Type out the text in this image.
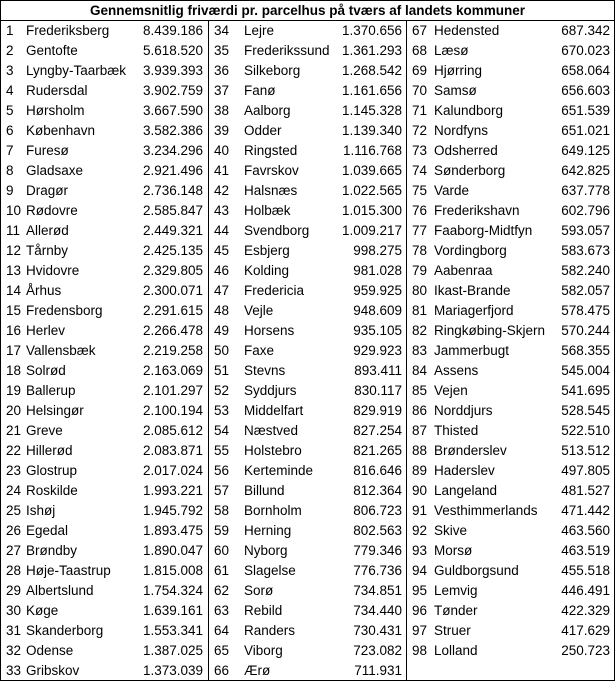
Gennemsnitlig friværdi pr. parcelhus på tværs af landets kommuner
1 Frederiksberg 8.439.186
2 Gentofte	5.618.520
3 Lyngby-Taarbæk 3.939.393
4 Rudersdal	3.902.759
5 Hørsholm	3.667.590
6 København	3.582.386
7 Furesø	3.234.296
8 Gladsaxe	2.921.496
9 Dragør	2.736.148
10 Rødovre	2.585.847
11 Allerød	2.449.321
12 Tårnby	2.425.135
13 Hvidovre	2.329.805
14 Århus	2.300.071
15 Fredensborg	2.291.615
16 Herlev	2.266.478
17 Vallensbæk	2.219.258
18 Solrød	2.163.069
19 Ballerup	2.101.297
20 Helsingør	2.100.194
21 Greve	2.085.612
22 Hillerød	2.083.871
23 Glostrup	2.017.024
24 Roskilde	1.993.221
25 Ishøj	1.945.792
26 Egedal	1.893.475
27 Brøndby	1.890.047
28 Høje-Taastrup 1.815.008
29 Albertslund	1.754.324
30 Køge	1.639.161
31 Skanderborg	1.553.341
32 Odense	1.387.025
33 Gribskov	1.373.039
34 Lejre	1.370.656
35 Frederikssund 1.361.293
36 Silkeborg	1.268.542
37 Fanø	1.161.656
38 Aalborg	1.145.328
39 Odder	1.139.340
40 Ringsted	1.116.768
41 Favrskov	1.039.665
42 Halsnæs	1.022.565
43 Holbæk	1.015.300
44 Svendborg 1.009.217
45 Esbjerg	998.275
46 Kolding	981.028
47 Fredericia	959.925
48 Vejle	948.609
49 Horsens	935.105
50 Faxe	929.923
51 Stevns	893.411
52 Syddjurs	830.117
53 Middelfart	829.919
54 Næstved	827.254
55 Holstebro	821.265
56 Kerteminde	816.646
57 Billund	812.364
58 Bornholm	806.723
59 Herning	802.563
60 Nyborg	779.346
61 Slagelse	776.736
62 Sorø	734.851
63 Rebild	734.440
64 Randers	730.431
65 Viborg	723.082
66 Ærø	711.931
67 Hedensted	687.342
68 Læsø	670.023
69 Hjørring	658.064
70 Samsø	656.603
71 Kalundborg	651.539
72 Nordfyns	651.021
73 Odsherred	649.125
74 Sønderborg	642.825
75 Varde	637.778
76 Frederikshavn	602.796
77 Faaborg-Midtfyn 593.057
78 Vordingborg	583.673
79 Aabenraa	582.240
80 Ikast-Brande	582.057
81 Mariagerfjord	578.475
82 Ringkøbing-Skjern 570.244
83 Jammerbugt	568.355
84 Assens	545.004
85 Vejen	541.695
86 Norddjurs	528.545
87 Thisted	522.510
88 Brønderslev	513.512
89 Haderslev	497.805
90 Langeland	481.527
91 Vesthimmerlands 471.442
92 Skive	463.560
93 Morsø	463.519
94 Guldborgsund	455.518
95 Lemvig	446.491
96 Tønder	422.329
97 Struer	417.629
98 Lolland	250.723
